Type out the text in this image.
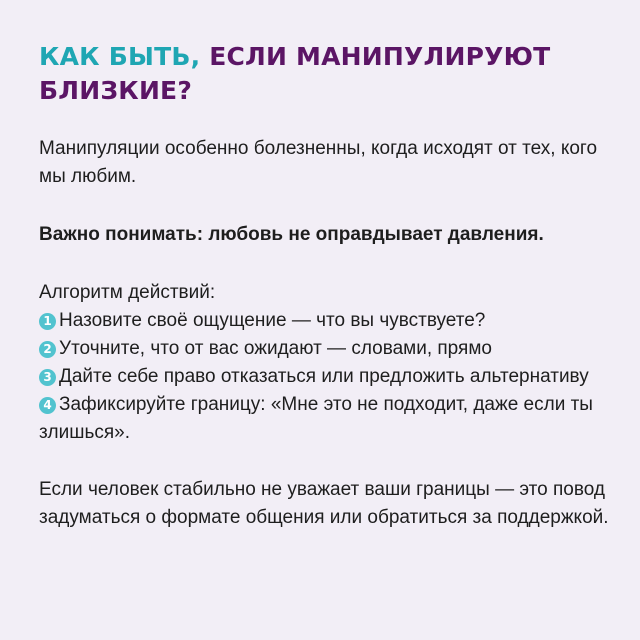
КАК БЫТЬ, ЕСЛИ МАНИПУЛИРУЮТ БЛИЗКИЕ?

Манипуляции особенно болезненны, когда исходят от тех, кого мы любим.

Важно понимать: любовь не оправдывает давления.

Алгоритм действий:

1 Назовите своё ощущение — что вы чувствуете?
2 Уточните, что от вас ожидают — словами, прямо
3 Дайте себе право отказаться или предложить альтернативу
4 Зафиксируйте границу: «Мне это не подходит, даже если ты злишься».

Если человек стабильно не уважает ваши границы — это повод задуматься о формате общения или обратиться за поддержкой.
